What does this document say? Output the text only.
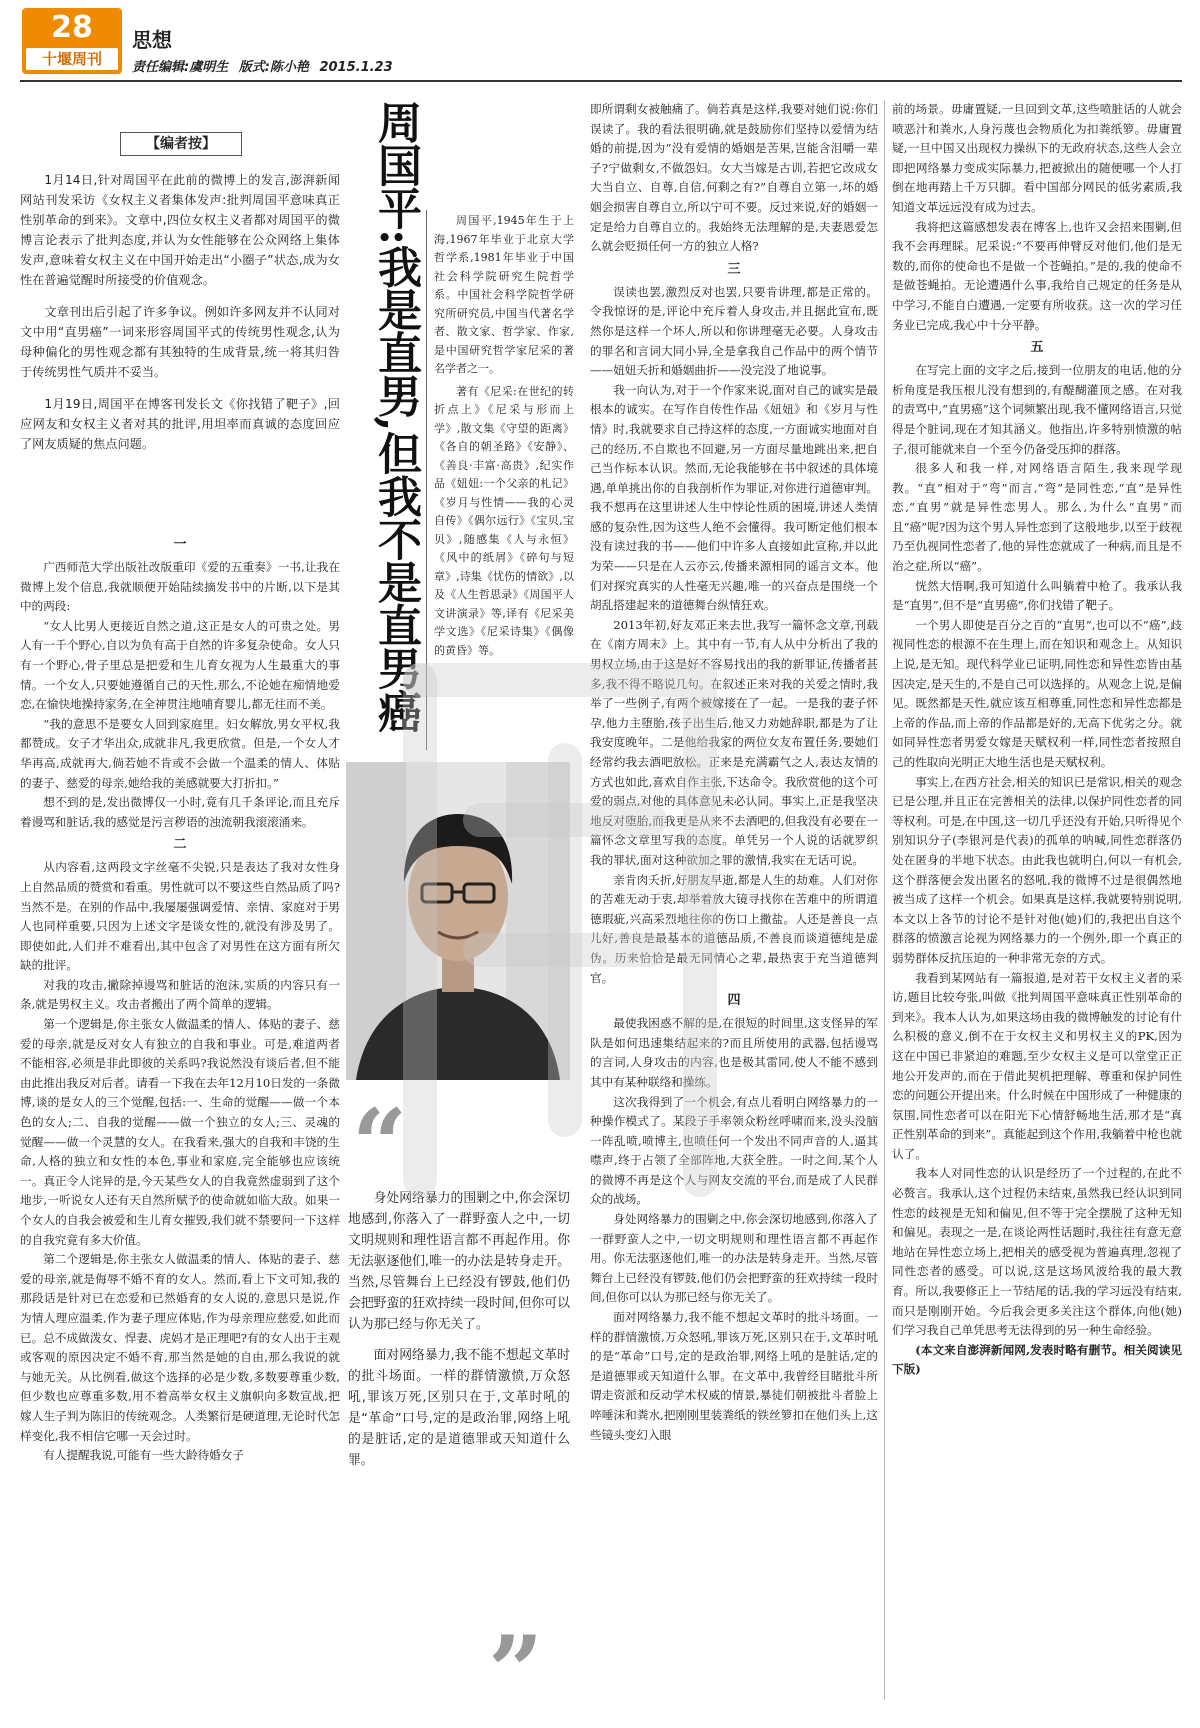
28
十堰周刊
思想
责任编辑:虞明生 版式:陈小艳 2015.1.23
【编者按】

1月14日,针对周国平在此前的微博上的发言,澎湃新闻网站刊发采访《女权主义者集体发声:批判周国平意味真正性别革命的到来》。文章中,四位女权主义者都对周国平的微博言论表示了批判态度,并认为女性能够在公众网络上集体发声,意味着女权主义在中国开始走出“小圈子”状态,成为女性在普遍觉醒时所接受的价值观念。

文章刊出后引起了许多争议。例如许多网友并不认同对文中用“直男癌”一词来形容周国平式的传统男性观念,认为母种偏化的男性观念都有其独特的生成背景,统一将其归咎于传统男性气质并不妥当。

1月19日,周国平在博客刊发长文《你找错了靶子》,回应网友和女权主义者对其的批评,用坦率而真诚的态度回应了网友质疑的焦点问题。

一

广西师范大学出版社改版重印《爱的五重奏》一书,让我在微博上发个信息,我就顺便开始陆续摘发书中的片断,以下是其中的两段:

“女人比男人更接近自然之道,这正是女人的可贵之处。男人有一千个野心,自以为负有高于自然的许多复杂使命。女人只有一个野心,骨子里总是把爱和生儿育女视为人生最重大的事情。一个女人,只要她遵循自己的天性,那么,不论她在痴情地爱恋,在愉快地操持家务,在全神贯注地哺育婴儿,都无往而不美。

“我的意思不是要女人回到家庭里。妇女解放,男女平权,我都赞成。女子才华出众,成就非凡,我更欣赏。但是,一个女人才华再高,成就再大,倘若她不肯或不会做一个温柔的情人、体贴的妻子、慈爱的母亲,她给我的美感就要大打折扣。”

想不到的是,发出微博仅一小时,竟有几千条评论,而且充斥着谩骂和脏话,我的感觉是污言秽语的浊流朝我滚滚涌来。

二

从内容看,这两段文字丝毫不尖锐,只是表达了我对女性身上自然品质的赞赏和看重。男性就可以不要这些自然品质了吗?当然不是。在别的作品中,我屡屡强调爱情、亲情、家庭对于男人也同样重要,只因为上述文字是谈女性的,就没有涉及男了。即使如此,人们并不难看出,其中包含了对男性在这方面有所欠缺的批评。

对我的攻击,撇除掉谩骂和脏话的泡沫,实质的内容只有一条,就是男权主义。攻击者搬出了两个简单的逻辑。

第一个逻辑是,你主张女人做温柔的情人、体贴的妻子、慈爱的母亲,就是反对女人有独立的自我和事业。可是,难道两者不能相容,必须是非此即彼的关系吗?我说然没有谈后者,但不能由此推出我反对后者。请看一下我在去年12月10日发的一条微博,谈的是女人的三个觉醒,包括:一、生命的觉醒——做一个本色的女人;二、自我的觉醒——做一个独立的女人;三、灵魂的觉醒——做一个灵慧的女人。在我看来,强大的自我和丰饶的生命,人格的独立和女性的本色,事业和家庭,完全能够也应该统一。真正令人诧异的是,今天某些女人的自我竟然虚弱到了这个地步,一听说女人还有天自然所赋予的使命就如临大敌。如果一个女人的自我会被爱和生儿育女摧毁,我们就不禁要问一下这样的自我究竟有多大价值。

第二个逻辑是,你主张女人做温柔的情人、体贴的妻子、慈爱的母亲,就是侮辱不婚不育的女人。然而,看上下文可知,我的那段话是针对已在恋爱和已然婚育的女人说的,意思只是说,作为情人理应温柔,作为妻子理应体贴,作为母亲理应慈爱,如此而已。总不成做泼女、悍妻、虎妈才是正理吧?有的女人出于主观或客观的原因决定不婚不育,那当然是她的自由,那么我说的就与她无关。从比例看,做这个选择的必是少数,多数要尊重少数,但少数也应尊重多数,用不着高举女权主义旗帜向多数宣战,把嫁人生子判为陈旧的传统观念。人类繁衍是硬道理,无论时代怎样变化,我不相信它哪一天会过时。

有人提醒我说,可能有一些大龄待婚女子

周国平:我是直男,但我不是直男癌	周国平,1945年生于上海,1967年毕业于北京大学哲学系,1981年毕业于中国社会科学院研究生院哲学系。中国社会科学院哲学研究所研究员,中国当代著名学者、散文家、哲学家、作家,是中国研究哲学家尼采的著名学者之一。

著有《尼采:在世纪的转折点上》《尼采与形而上学》,散文集《守望的距离》《各自的朝圣路》《安静》、《善良·丰富·高贵》,纪实作品《妞妞:一个父亲的札记》《岁月与性情——我的心灵自传》《偶尔远行》《宝贝,宝贝》,随感集《人与永恒》《风中的纸屑》《碎句与短章》,诗集《忧伤的情欲》,以及《人生哲思录》《周国平人文讲演录》等,译有《尼采美学文选》《尼采诗集》《偶像的黄昏》等。

“

身处网络暴力的围剿之中,你会深切地感到,你落入了一群野蛮人之中,一切文明规则和理性语言都不再起作用。你无法驱逐他们,唯一的办法是转身走开。当然,尽管舞台上已经没有锣鼓,他们仍会把野蛮的狂欢持续一段时间,但你可以认为那已经与你无关了。

面对网络暴力,我不能不想起文革时的批斗场面。一样的群情激愤,万众怒吼,罪该万死,区别只在于,文革时吼的是“革命”口号,定的是政治罪,网络上吼的是脏话,定的是道德罪或天知道什么罪。

”

即所谓剩女被触痛了。倘若真是这样,我要对她们说:你们误读了。我的看法很明确,就是鼓励你们坚持以爱情为结婚的前提,因为“没有爱情的婚姻是苦果,岂能含泪嚼一辈子?宁做剩女,不做怨妇。女大当嫁是古训,若把它改成女大当自立、自尊,自信,何剩之有?”自尊自立第一,坏的婚姻会损害自尊自立,所以宁可不要。反过来说,好的婚姻一定是给力自尊自立的。我始终无法理解的是,夫妻恩爱怎么就会贬损任何一方的独立人格?

三

误读也罢,激烈反对也罢,只要肯讲理,都是正常的。令我惊讶的是,评论中充斥着人身攻击,并且据此宣布,既然你是这样一个坏人,所以和你讲理毫无必要。人身攻击的罪名和言词大同小异,全是拿我自己作品中的两个情节——妞妞夭折和婚姻曲折——没完没了地说事。

我一向认为,对于一个作家来说,面对自己的诚实是最根本的诚实。在写作自传性作品《妞妞》和《岁月与性情》时,我就要求自己持这样的态度,一方面诚实地面对自己的经历,不自欺也不回避,另一方面尽量地跳出来,把自己当作标本认识。然而,无论我能够在书中叙述的具体境遇,单单挑出你的自我剖析作为罪证,对你进行道德审判。我不想再在这里讲述人生中悖论性质的困境,讲述人类情感的复杂性,因为这些人绝不会懂得。我可断定他们根本没有读过我的书——他们中许多人直接如此宣称,并以此为荣——只是在人云亦云,传播来源相同的谣言文本。他们对探究真实的人性毫无兴趣,唯一的兴奋点是围绕一个胡乱搭建起来的道德舞台纵情狂欢。

2013年初,好友邓正来去世,我写一篇怀念文章,刊载在《南方周末》上。其中有一节,有人从中分析出了我的男权立场,由于这是好不容易找出的我的新罪证,传播者甚多,我不得不略说几句。在叙述正来对我的关爱之情时,我举了一些例子,有两个被嫁接在了一起。一是我的妻子怀孕,他力主堕胎,孩子出生后,他又力劝她辞职,都是为了让我安度晚年。二是他给我家的两位女友布置任务,要她们经常约我去酒吧放松。正来是充满霸气之人,表达友情的方式也如此,喜欢自作主张,下达命令。我欣赏他的这个可爱的弱点,对他的具体意见未必认同。事实上,正是我坚决地反对堕胎,而我更是从来不去酒吧的,但我没有必要在一篇怀念文章里写我的态度。单凭另一个人说的话就罗织我的罪状,面对这种欲加之罪的激情,我实在无话可说。

亲肯肉夭折,好朋友早逝,都是人生的劫难。人们对你的苦难无动于衷,却举着放大镜寻找你在苦难中的所谓道德瑕疵,兴高采烈地往你的伤口上撒盐。人还是善良一点儿好,善良是最基本的道德品质,不善良而谈道德纯是虚伪。历来恰恰是最无同情心之辈,最热衷于充当道德判官。

四

最使我困惑不解的是,在很短的时间里,这支怪异的军队是如何迅速集结起来的?而且所使用的武器,包括谩骂的言词,人身攻击的内容,也是极其雷同,使人不能不感到其中有某种联络和操练。

这次我得到了一个机会,有点儿看明白网络暴力的一种操作模式了。某段子手率领众粉丝呼啸而来,没头没脑一阵乱喷,喷博主,也喷任何一个发出不同声音的人,逼其噤声,终于占领了全部阵地,大获全胜。一时之间,某个人的微博不再是这个人与网友交流的平台,而是成了人民群众的战场。

身处网络暴力的围剿之中,你会深切地感到,你落入了一群野蛮人之中,一切文明规则和理性语言都不再起作用。你无法驱逐他们,唯一的办法是转身走开。当然,尽管舞台上已经没有锣鼓,他们仍会把野蛮的狂欢持续一段时间,但你可以认为那已经与你无关了。

面对网络暴力,我不能不想起文革时的批斗场面。一样的群情激愤,万众怒吼,罪该万死,区别只在于,文革时吼的是“革命”口号,定的是政治罪,网络上吼的是脏话,定的是道德罪或天知道什么罪。在文革中,我曾经目睹批斗所谓走资派和反动学术权威的情景,暴徒们朝被批斗者脸上啐唾沫和粪水,把刚刚里装粪纸的铁丝箩扣在他们头上,这些镜头变幻入眼

前的场景。毋庸置疑,一旦回到文革,这些喷脏话的人就会喷恶汁和粪水,人身污蔑也会物质化为扣粪纸箩。毋庸置疑,一旦中国又出现权力操纵下的无政府状态,这些人会立即把网络暴力变成实际暴力,把被掀出的随便哪一个人打倒在地再踏上千万只脚。看中国部分网民的低劣素质,我知道文革远远没有成为过去。

我将把这篇感想发表在博客上,也许又会招来围剿,但我不会再理睬。尼采说:“不要再伸臂反对他们,他们是无数的,而你的使命也不是做一个苍蝇拍。”是的,我的使命不是做苍蝇拍。无论遭遇什么事,我给自己规定的任务是从中学习,不能自白遭遇,一定要有所收获。这一次的学习任务业已完成,我心中十分平静。

五

在写完上面的文字之后,接到一位朋友的电话,他的分析角度是我压根儿没有想到的,有醍醐灌顶之感。在对我的责骂中,“直男癌”这个词频繁出现,我不懂网络语言,只觉得是个脏词,现在才知其涵义。他指出,许多特别愤激的帖子,很可能就来自一个至今仍备受压抑的群落。

很多人和我一样,对网络语言陌生,我来现学现教。“直”相对于“弯”而言,“弯”是同性恋,“直”是异性恋,“直男”就是异性恋男人。那么,为什么“直男”而且“癌”呢?因为这个男人异性恋到了这般地步,以至于歧视乃至仇视同性恋者了,他的异性恋就成了一种病,而且是不治之症,所以“癌”。

恍然大悟啊,我可知道什么叫躺着中枪了。我承认我是“直男”,但不是“直男癌”,你们找错了靶子。

一个男人即使是百分之百的“直男”,也可以不“癌”,歧视同性恋的根源不在生理上,而在知识和观念上。从知识上说,是无知。现代科学业已证明,同性恋和异性恋皆由基因决定,是天生的,不是自己可以选择的。从观念上说,是偏见。既然都是天性,就应该互相尊重,同性恋和异性恋都是上帝的作品,而上帝的作品都是好的,无高下优劣之分。就如同异性恋者男爱女嫁是天赋权利一样,同性恋者按照自己的性取向光明正大地生活也是天赋权利。

事实上,在西方社会,相关的知识已是常识,相关的观念已是公理,并且正在完善相关的法律,以保护同性恋者的同等权利。可是,在中国,这一切几乎还没有开始,只听得见个别知识分子(李银河是代表)的孤单的呐喊,同性恋群落仍处在匿身的半地下状态。由此我也就明白,何以一有机会,这个群落便会发出匿名的怒吼,我的微博不过是很偶然地被当成了这样一个机会。如果真是这样,我就要特别说明,本文以上各节的讨论不是针对他(她)们的,我把出自这个群落的愤激言论视为网络暴力的一个例外,即一个真正的弱势群体反抗压迫的一种非常无奈的方式。

我看到某网站有一篇报道,是对若干女权主义者的采访,题目比较夸张,叫做《批判周国平意味真正性别革命的到来》。我本人认为,如果这场由我的微博触发的讨论有什么积极的意义,倒不在于女权主义和男权主义的PK,因为这在中国已非紧迫的难题,至少女权主义是可以堂堂正正地公开发声的,而在于借此契机把理解、尊重和保护同性恋的问题公开提出来。什么时候在中国形成了一种健康的氛围,同性恋者可以在阳光下心情舒畅地生活,那才是“真正性别革命的到来”。真能起到这个作用,我躺着中枪也就认了。

我本人对同性恋的认识是经历了一个过程的,在此不必赘言。我承认,这个过程仍未结束,虽然我已经认识到同性恋的歧视是无知和偏见,但不等于完全摆脱了这种无知和偏见。表现之一是,在谈论两性话题时,我往往有意无意地站在异性恋立场上,把相关的感受视为普遍真理,忽视了同性恋者的感受。可以说,这是这场风波给我的最大教育。所以,我要修正上一节结尾的话,我的学习远没有结束,而只是刚刚开始。今后我会更多关注这个群体,向他(她)们学习我自己单凭思考无法得到的另一种生命经验。

(本文来自澎湃新闻网,发表时略有删节。相关阅读见下版)
